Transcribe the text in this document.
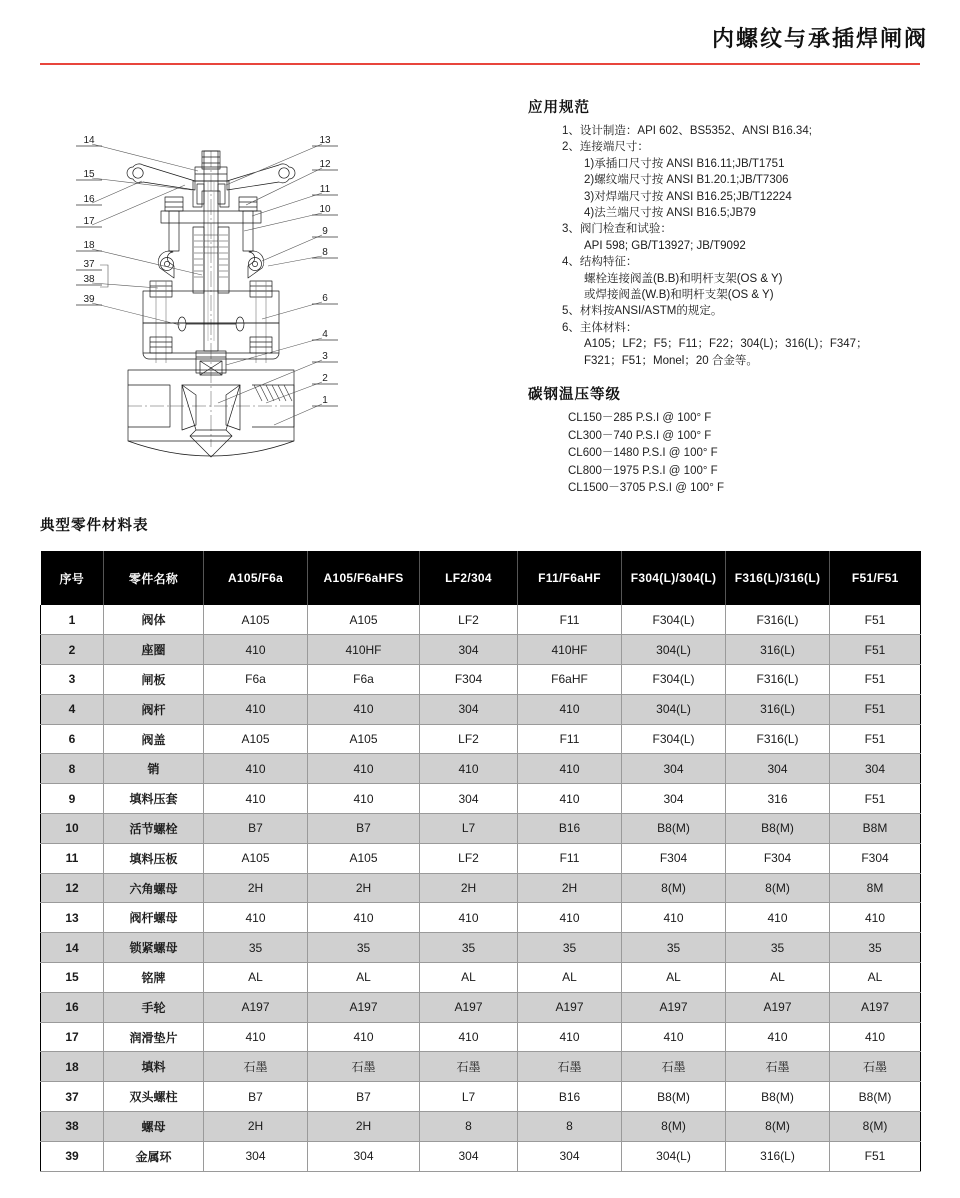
内螺纹与承插焊闸阀
14
15
16
17
18
37
38
39
13
12
11
10
9
8
6
4
3
2
1
应用规范
1、设计制造：API 602、BS5352、ANSI B16.34;
2、连接端尺寸：
1)承插口尺寸按 ANSI B16.11;JB/T1751
2)螺纹端尺寸按 ANSI B1.20.1;JB/T7306
3)对焊端尺寸按 ANSI B16.25;JB/T12224
4)法兰端尺寸按 ANSI B16.5;JB79
3、阀门检查和试验：
API 598; GB/T13927; JB/T9092
4、结构特征：
螺栓连接阀盖(B.B)和明杆支架(OS & Y)
或焊接阀盖(W.B)和明杆支架(OS & Y)
5、材料按ANSI/ASTM的规定。
6、主体材料：
A105；LF2；F5；F11；F22；304(L)；316(L)；F347；
F321；F51；Monel；20 合金等。
碳钢温压等级
CL150－285 P.S.I @ 100° F
CL300－740 P.S.I @ 100° F
CL600－1480 P.S.I @ 100° F
CL800－1975 P.S.I @ 100° F
CL1500－3705 P.S.I @ 100° F
典型零件材料表
序号	零件名称	A105/F6a	A105/F6aHFS	LF2/304	F11/F6aHF	F304(L)/304(L)	F316(L)/316(L)	F51/F51
1	阀体	A105	A105	LF2	F11	F304(L)	F316(L)	F51
2	座圈	410	410HF	304	410HF	304(L)	316(L)	F51
3	闸板	F6a	F6a	F304	F6aHF	F304(L)	F316(L)	F51
4	阀杆	410	410	304	410	304(L)	316(L)	F51
6	阀盖	A105	A105	LF2	F11	F304(L)	F316(L)	F51
8	销	410	410	410	410	304	304	304
9	填料压套	410	410	304	410	304	316	F51
10	活节螺栓	B7	B7	L7	B16	B8(M)	B8(M)	B8M
11	填料压板	A105	A105	LF2	F11	F304	F304	F304
12	六角螺母	2H	2H	2H	2H	8(M)	8(M)	8M
13	阀杆螺母	410	410	410	410	410	410	410
14	锁紧螺母	35	35	35	35	35	35	35
15	铭牌	AL	AL	AL	AL	AL	AL	AL
16	手轮	A197	A197	A197	A197	A197	A197	A197
17	润滑垫片	410	410	410	410	410	410	410
18	填料	石墨	石墨	石墨	石墨	石墨	石墨	石墨
37	双头螺柱	B7	B7	L7	B16	B8(M)	B8(M)	B8(M)
38	螺母	2H	2H	8	8	8(M)	8(M)	8(M)
39	金属环	304	304	304	304	304(L)	316(L)	F51
